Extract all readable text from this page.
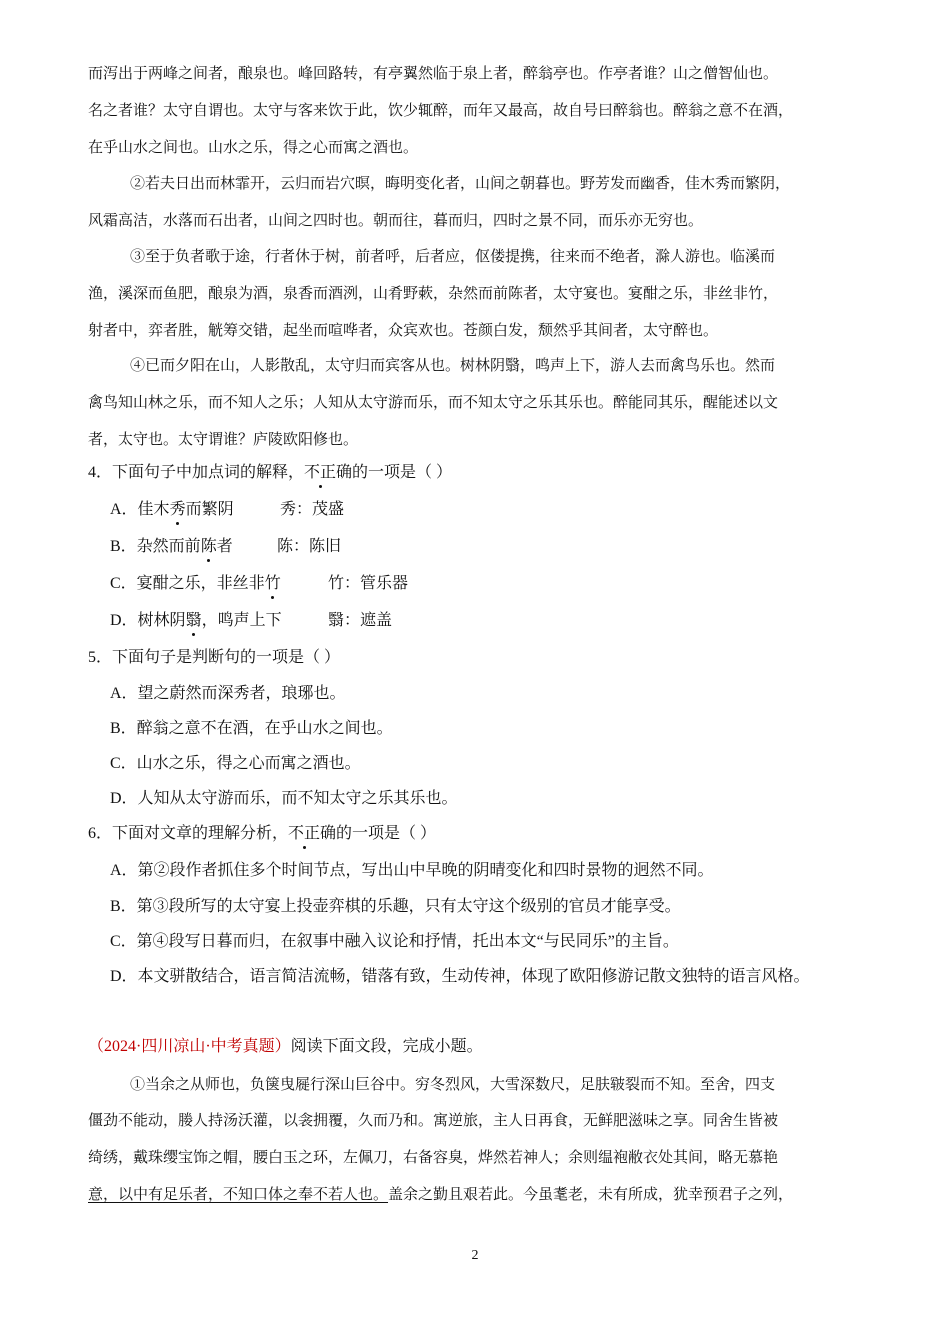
而泻出于两峰之间者，酿泉也。峰回路转，有亭翼然临于泉上者，醉翁亭也。作亭者谁？山之僧智仙也。
名之者谁？太守自谓也。太守与客来饮于此，饮少辄醉，而年又最高，故自号曰醉翁也。醉翁之意不在酒，
在乎山水之间也。山水之乐，得之心而寓之酒也。
②若夫日出而林霏开，云归而岩穴暝，晦明变化者，山间之朝暮也。野芳发而幽香，佳木秀而繁阴，
风霜高洁，水落而石出者，山间之四时也。朝而往，暮而归，四时之景不同，而乐亦无穷也。
③至于负者歌于途，行者休于树，前者呼，后者应，伛偻提携，往来而不绝者，滁人游也。临溪而
渔，溪深而鱼肥，酿泉为酒，泉香而酒洌，山肴野蔌，杂然而前陈者，太守宴也。宴酣之乐，非丝非竹，
射者中，弈者胜，觥筹交错，起坐而喧哗者，众宾欢也。苍颜白发，颓然乎其间者，太守醉也。
④已而夕阳在山，人影散乱，太守归而宾客从也。树林阴翳，鸣声上下，游人去而禽鸟乐也。然而
禽鸟知山林之乐，而不知人之乐；人知从太守游而乐，而不知太守之乐其乐也。醉能同其乐，醒能述以文
者，太守也。太守谓谁？庐陵欧阳修也。
4．下面句子中加点词的解释，不正确的一项是（ ）
A．佳木秀而繁阴	秀：茂盛
B．杂然而前陈者	陈：陈旧
C．宴酣之乐，非丝非竹	竹：管乐器
D．树林阴翳，鸣声上下	翳：遮盖
5．下面句子是判断句的一项是（ ）
A．望之蔚然而深秀者，琅琊也。
B．醉翁之意不在酒，在乎山水之间也。
C．山水之乐，得之心而寓之酒也。
D．人知从太守游而乐，而不知太守之乐其乐也。
6．下面对文章的理解分析，不正确的一项是（ ）
A．第②段作者抓住多个时间节点，写出山中早晚的阴晴变化和四时景物的迥然不同。
B．第③段所写的太守宴上投壶弈棋的乐趣，只有太守这个级别的官员才能享受。
C．第④段写日暮而归，在叙事中融入议论和抒情，托出本文“与民同乐”的主旨。
D．本文骈散结合，语言简洁流畅，错落有致，生动传神，体现了欧阳修游记散文独特的语言风格。
（2024·四川凉山·中考真题）阅读下面文段，完成小题。
①当余之从师也，负箧曳屣行深山巨谷中。穷冬烈风，大雪深数尺，足肤皲裂而不知。至舍，四支
僵劲不能动，媵人持汤沃灌，以衾拥覆，久而乃和。寓逆旅，主人日再食，无鲜肥滋味之享。同舍生皆被
绮绣，戴珠缨宝饰之帽，腰白玉之环，左佩刀，右备容臭，烨然若神人；余则缊袍敝衣处其间，略无慕艳
意，以中有足乐者，不知口体之奉不若人也。盖余之勤且艰若此。今虽耄老，未有所成，犹幸预君子之列，
2
